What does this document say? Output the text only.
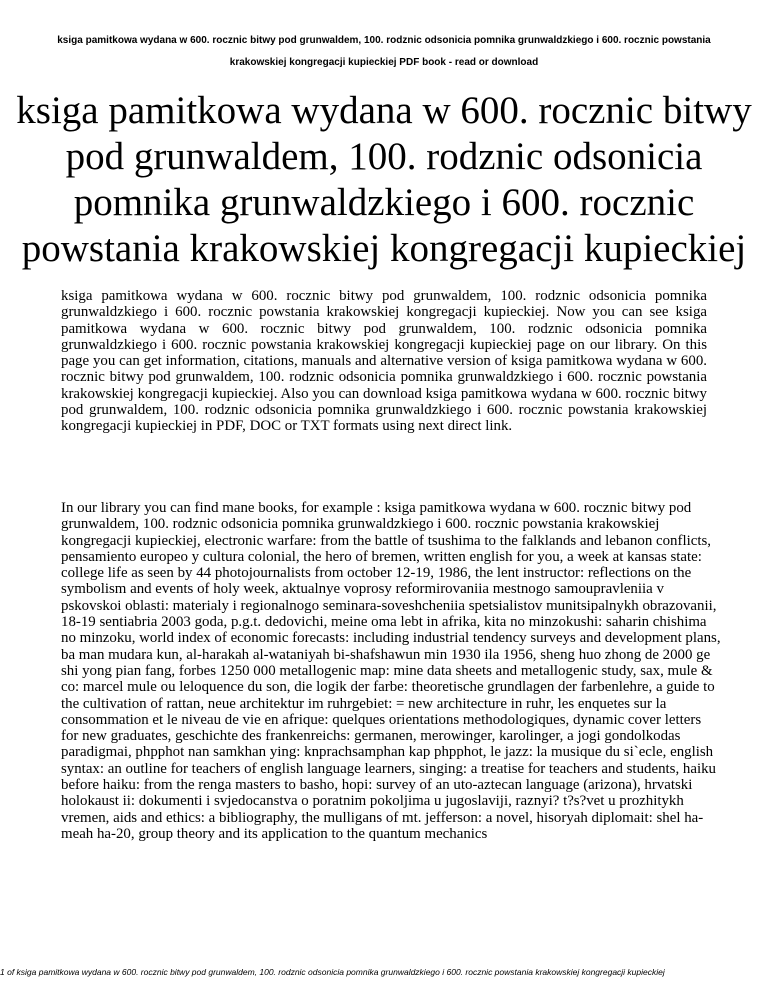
ksiga pamitkowa wydana w 600. rocznic bitwy pod grunwaldem, 100. rodznic odsonicia pomnika grunwaldzkiego i 600. rocznic powstania
krakowskiej kongregacji kupieckiej PDF book - read or download
ksiga pamitkowa wydana w 600. rocznic bitwy pod grunwaldem, 100. rodznic odsonicia pomnika grunwaldzkiego i 600. rocznic powstania krakowskiej kongregacji kupieckiej

ksiga pamitkowa wydana w 600. rocznic bitwy pod grunwaldem, 100. rodznic odsonicia pomnika grunwaldzkiego i 600. rocznic powstania krakowskiej kongregacji kupieckiej. Now you can see ksiga pamitkowa wydana w 600. rocznic bitwy pod grunwaldem, 100. rodznic odsonicia pomnika grunwaldzkiego i 600. rocznic powstania krakowskiej kongregacji kupieckiej page on our library. On this page you can get information, citations, manuals and alternative version of ksiga pamitkowa wydana w 600. rocznic bitwy pod grunwaldem, 100. rodznic odsonicia pomnika grunwaldzkiego i 600. rocznic powstania krakowskiej kongregacji kupieckiej. Also you can download ksiga pamitkowa wydana w 600. rocznic bitwy pod grunwaldem, 100. rodznic odsonicia pomnika grunwaldzkiego i 600. rocznic powstania krakowskiej kongregacji kupieckiej in PDF, DOC or TXT formats using next direct link.

In our library you can find mane books, for example : ksiga pamitkowa wydana w 600. rocznic bitwy pod grunwaldem, 100. rodznic odsonicia pomnika grunwaldzkiego i 600. rocznic powstania krakowskiej kongregacji kupieckiej, electronic warfare: from the battle of tsushima to the falklands and lebanon conflicts, pensamiento europeo y cultura colonial, the hero of bremen, written english for you, a week at kansas state: college life as seen by 44 photojournalists from october 12-19, 1986, the lent instructor: reflections on the symbolism and events of holy week, aktualnye voprosy reformirovaniia mestnogo samoupravleniia v pskovskoi oblasti: materialy i regionalnogo seminara-soveshcheniia spetsialistov munitsipalnykh obrazovanii, 18-19 sentiabria 2003 goda, p.g.t. dedovichi, meine oma lebt in afrika, kita no minzokushi: saharin chishima no minzoku, world index of economic forecasts: including industrial tendency surveys and development plans, ba man mudara kun, al-harakah al-wataniyah bi-shafshawun min 1930 ila 1956, sheng huo zhong de 2000 ge shi yong pian fang, forbes 1250 000 metallogenic map: mine data sheets and metallogenic study, sax, mule & co: marcel mule ou leloquence du son, die logik der farbe: theoretische grundlagen der farbenlehre, a guide to the cultivation of rattan, neue architektur im ruhrgebiet: = new architecture in ruhr, les enquetes sur la consommation et le niveau de vie en afrique: quelques orientations methodologiques, dynamic cover letters for new graduates, geschichte des frankenreichs: germanen, merowinger, karolinger, a jogi gondolkodas paradigmai, phpphot nan samkhan ying: knprachsamphan kap phpphot, le jazz: la musique du si`ecle, english syntax: an outline for teachers of english language learners, singing: a treatise for teachers and students, haiku before haiku: from the renga masters to basho, hopi: survey of an uto-aztecan language (arizona), hrvatski holokaust ii: dokumenti i svjedocanstva o poratnim pokoljima u jugoslaviji, raznyi? t?s?vet u prozhitykh vremen, aids and ethics: a bibliography, the mulligans of mt. jefferson: a novel, hisoryah diplomait: shel ha-meah ha-20, group theory and its application to the quantum mechanics

1 of ksiga pamitkowa wydana w 600. rocznic bitwy pod grunwaldem, 100. rodznic odsonicia pomnika grunwaldzkiego i 600. rocznic powstania krakowskiej kongregacji kupieckiej
